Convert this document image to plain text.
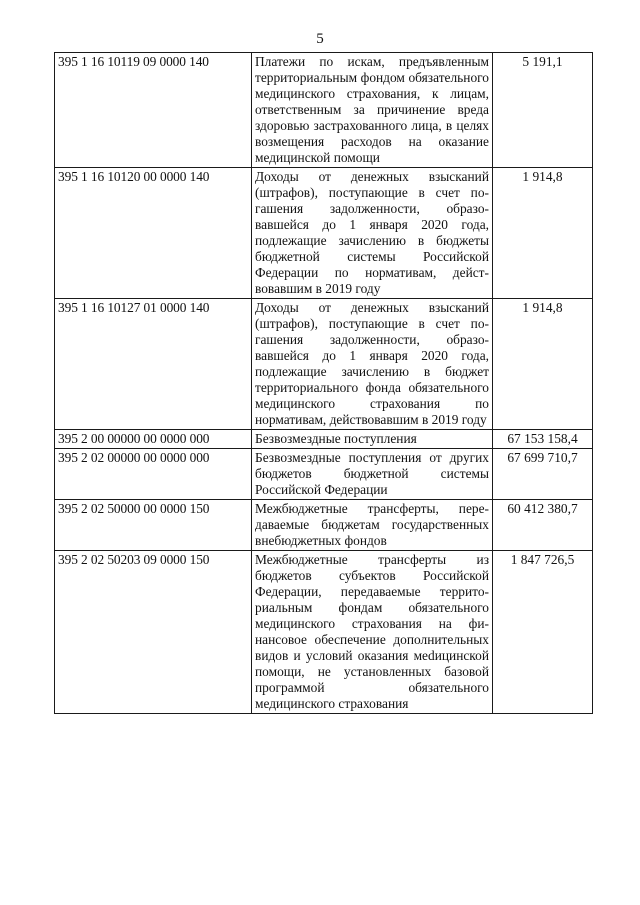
5
395 1 16 10119 09 0000 140	Платежи по искам, предъявленным территориальным фондом обязательного медицинского страхования, к лицам, ответственным за причинение вреда здоровью застрахованного лица, в целях возмещения расходов на оказание медицинской помощи	5 191,1
395 1 16 10120 00 0000 140	Доходы от денежных взысканий (штрафов), поступающие в счет погашения задолженности, образовавшейся до 1 января 2020 года, подлежащие зачислению в бюджеты бюджетной системы Российской Федерации по нормативам, действовавшим в 2019 году	1 914,8
395 1 16 10127 01 0000 140	Доходы от денежных взысканий (штрафов), поступающие в счет погашения задолженности, образовавшейся до 1 января 2020 года, подлежащие зачислению в бюджет территориального фонда обязательного медицинского страхования по нормативам, действовавшим в 2019 году	1 914,8
395 2 00 00000 00 0000 000	Безвозмездные поступления	67 153 158,4
395 2 02 00000 00 0000 000	Безвозмездные поступления от других бюджетов бюджетной системы Российской Федерации	67 699 710,7
395 2 02 50000 00 0000 150	Межбюджетные трансферты, передаваемые бюджетам государственных внебюджетных фондов	60 412 380,7
395 2 02 50203 09 0000 150	Межбюджетные трансферты из бюджетов субъектов Российской Федерации, передаваемые территориальным фондам обязательного медицинского страхования на финансовое обеспечение дополнительных видов и условий оказания меdицинской помощи, не установленных базовой программой обязательного медицинского страхования	1 847 726,5
